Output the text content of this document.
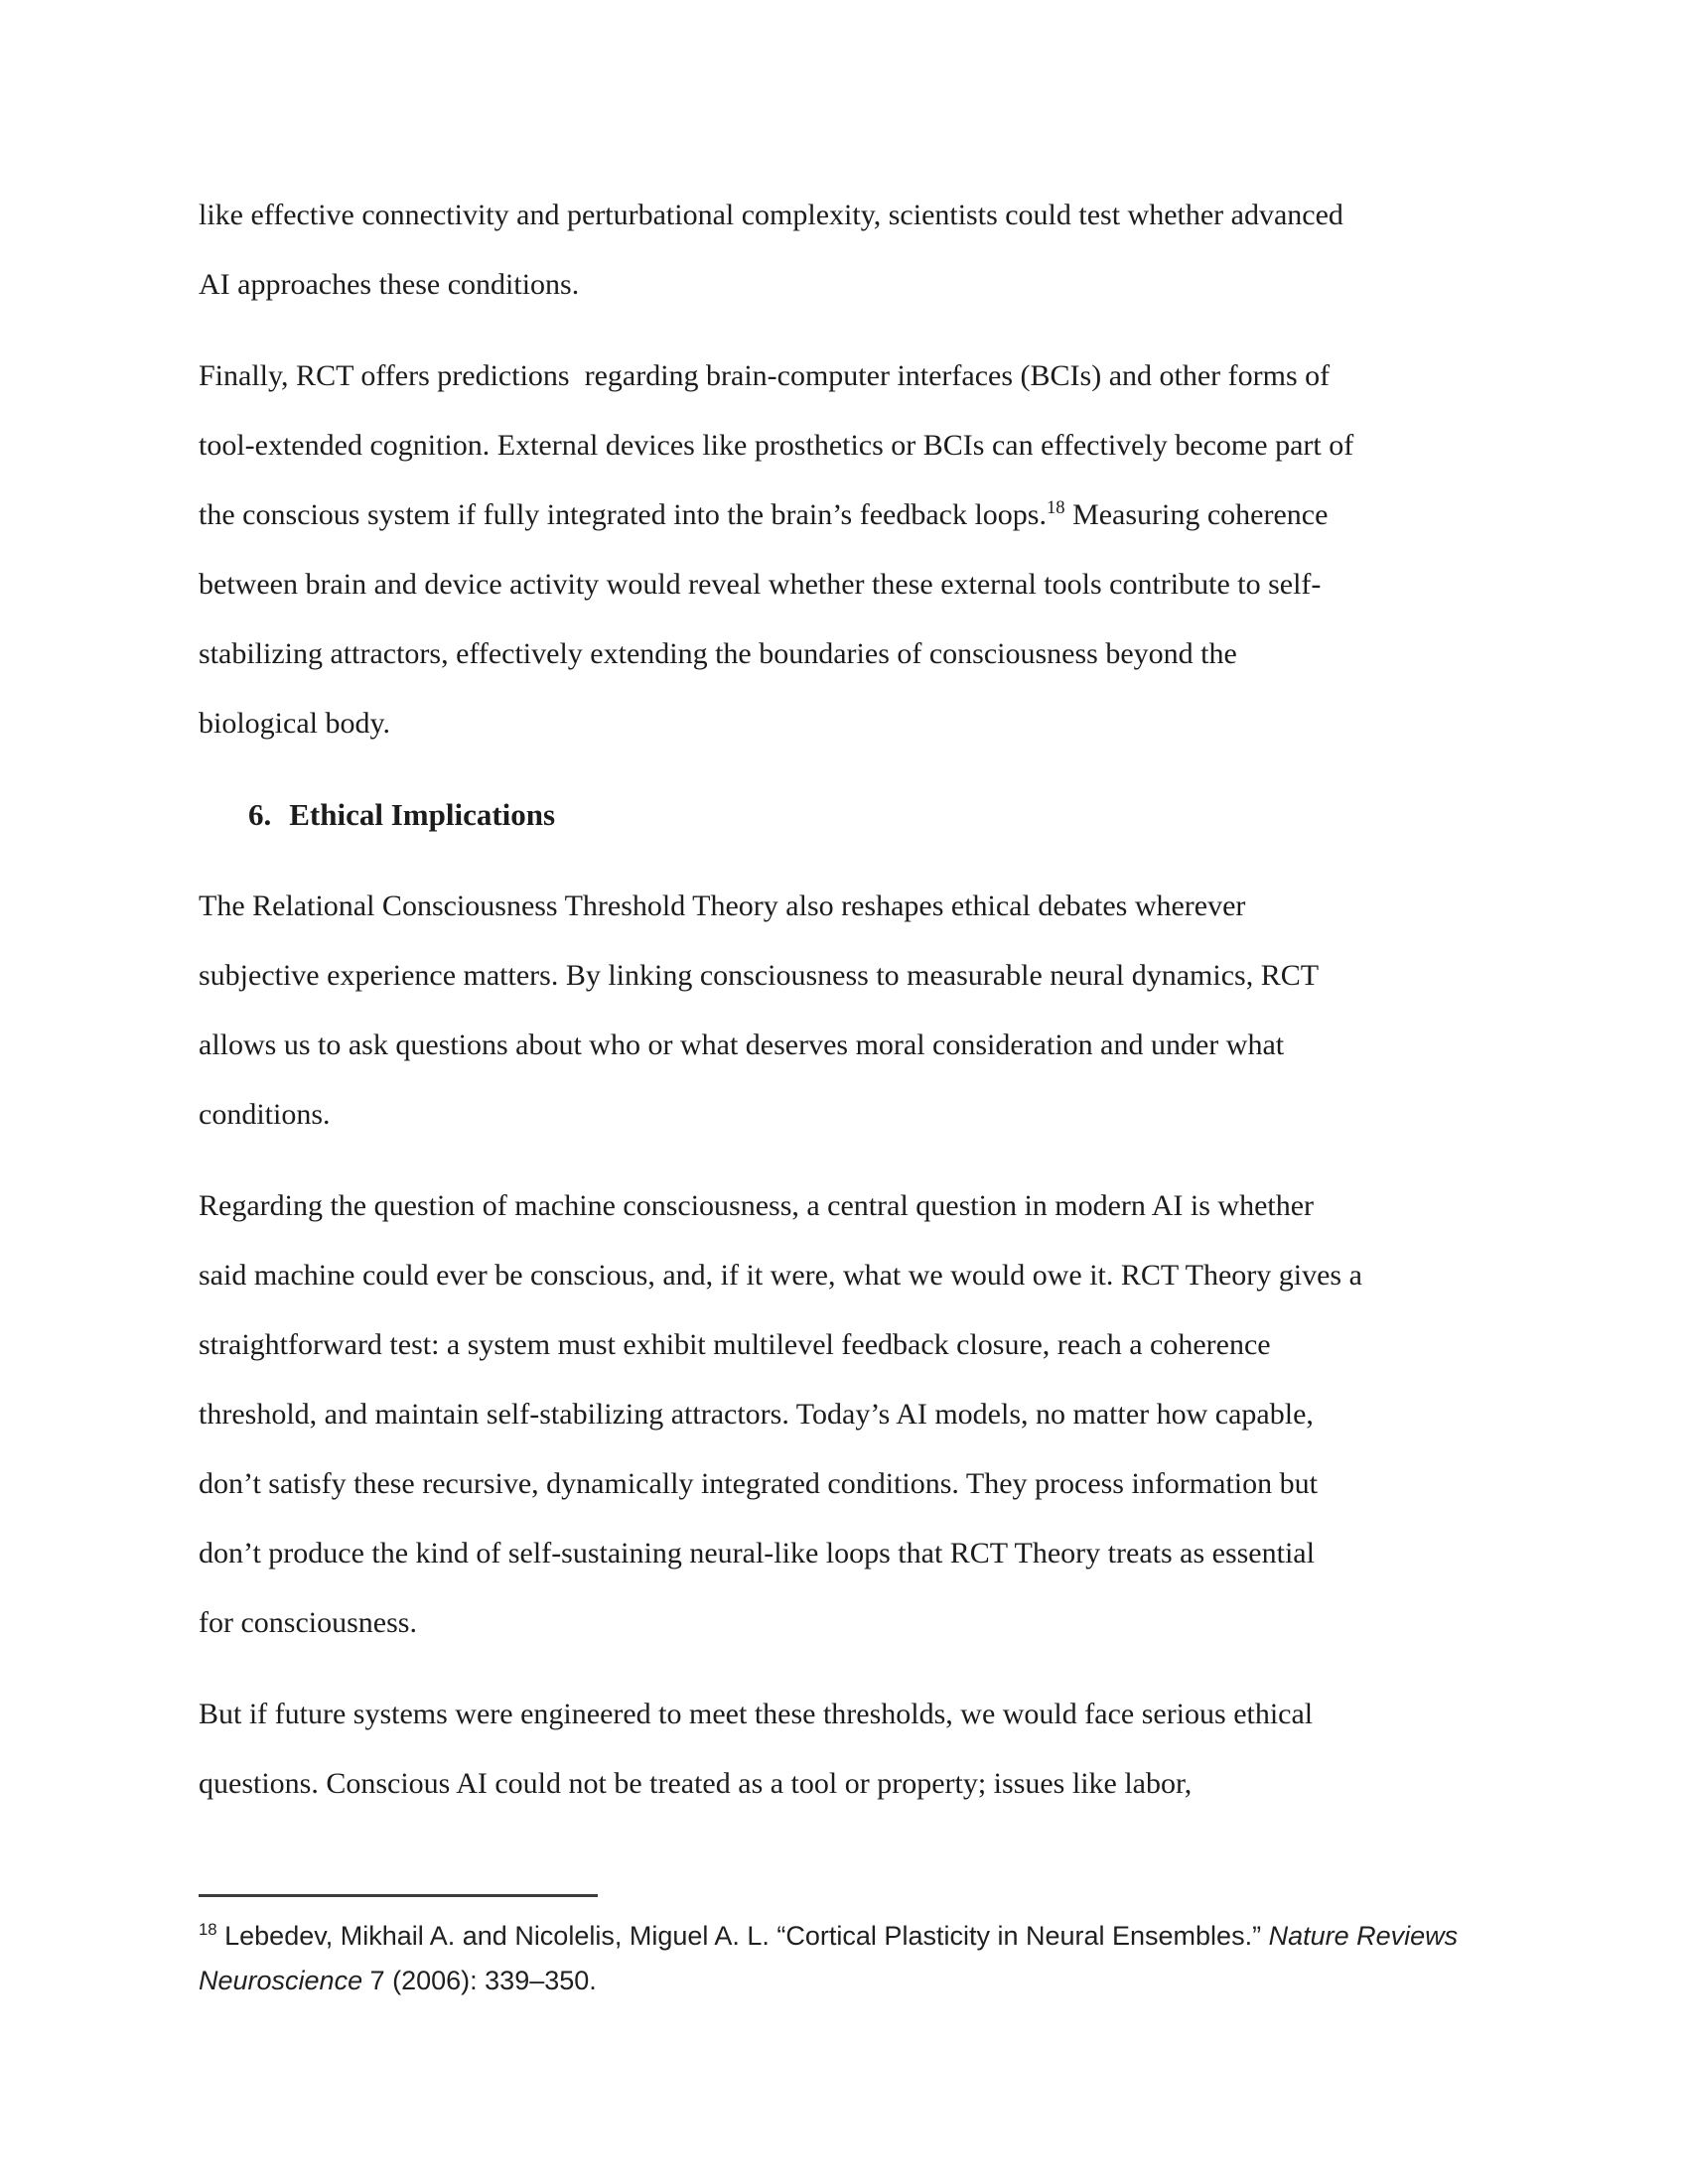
like effective connectivity and perturbational complexity, scientists could test whether advanced
AI approaches these conditions.

Finally, RCT offers predictions  regarding brain-computer interfaces (BCIs) and other forms of
tool-extended cognition. External devices like prosthetics or BCIs can effectively become part of
the conscious system if fully integrated into the brain’s feedback loops.$^{18}$ Measuring coherence
between brain and device activity would reveal whether these external tools contribute to self-
stabilizing attractors, effectively extending the boundaries of consciousness beyond the
biological body.

6. Ethical Implications

The Relational Consciousness Threshold Theory also reshapes ethical debates wherever
subjective experience matters. By linking consciousness to measurable neural dynamics, RCT
allows us to ask questions about who or what deserves moral consideration and under what
conditions.

Regarding the question of machine consciousness, a central question in modern AI is whether
said machine could ever be conscious, and, if it were, what we would owe it. RCT Theory gives a
straightforward test: a system must exhibit multilevel feedback closure, reach a coherence
threshold, and maintain self-stabilizing attractors. Today’s AI models, no matter how capable,
don’t satisfy these recursive, dynamically integrated conditions. They process information but
don’t produce the kind of self-sustaining neural-like loops that RCT Theory treats as essential
for consciousness.

But if future systems were engineered to meet these thresholds, we would face serious ethical
questions. Conscious AI could not be treated as a tool or property; issues like labor,

$^{18}$ Lebedev, Mikhail A. and Nicolelis, Miguel A. L. “Cortical Plasticity in Neural Ensembles.” Nature Reviews
Neuroscience 7 (2006): 339–350.
